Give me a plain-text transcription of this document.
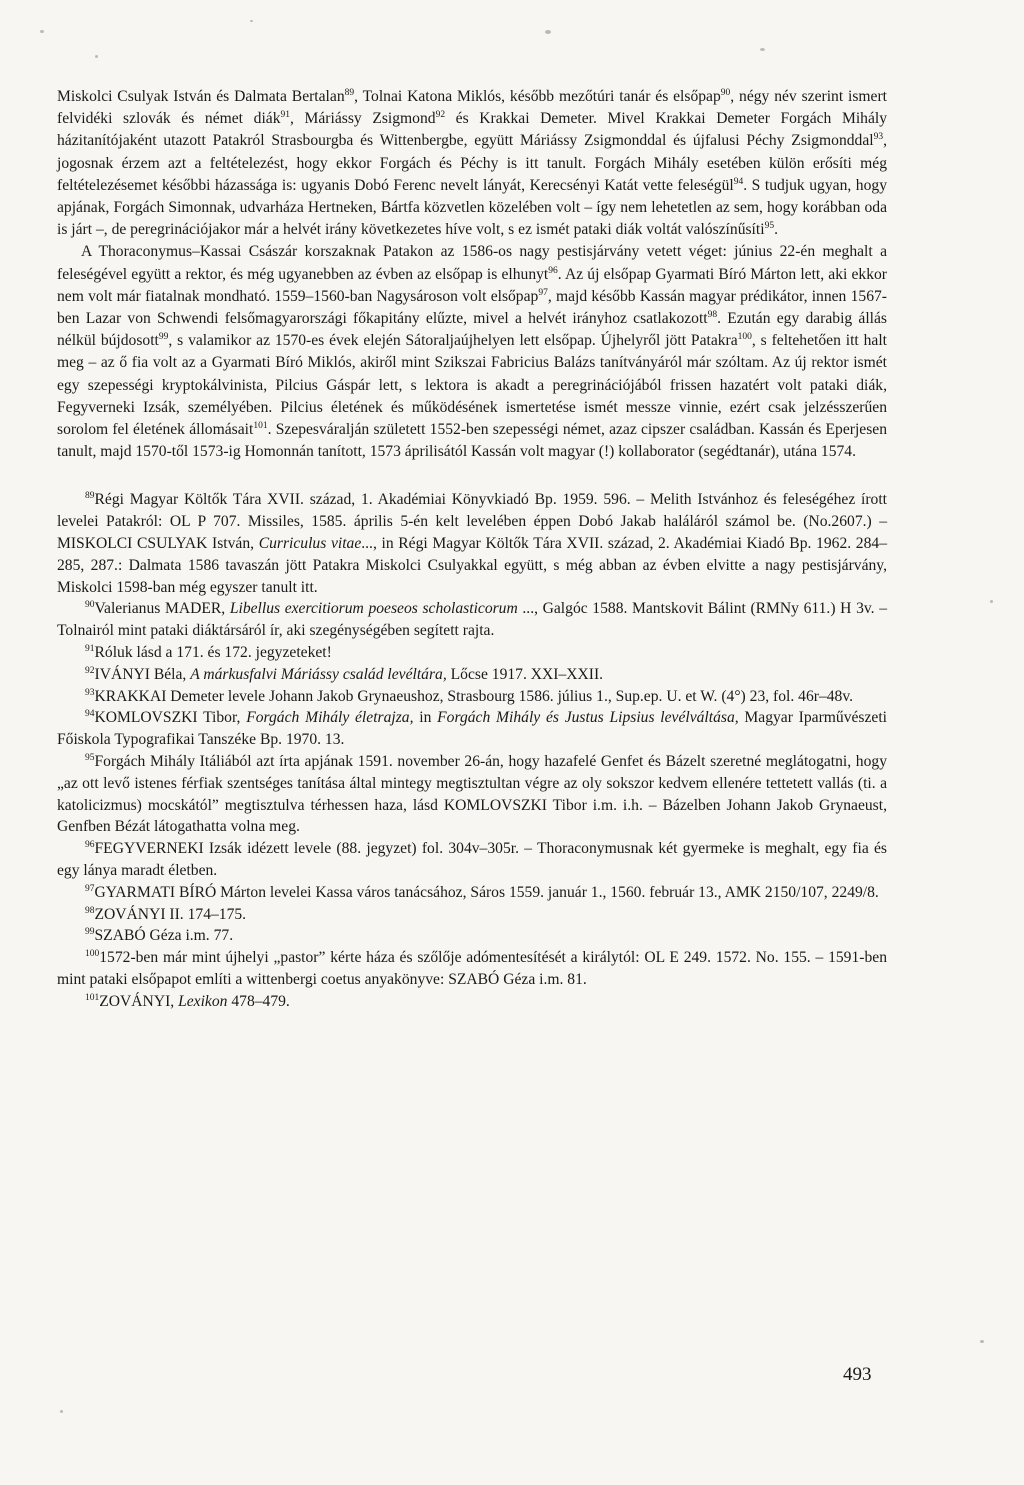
Miskolci Csulyak István és Dalmata Bertalan$^{89}$, Tolnai Katona Miklós, később mezőtúri tanár és elsőpap$^{90}$, négy név szerint ismert felvidéki szlovák és német diák$^{91}$, Máriássy Zsigmond$^{92}$ és Krakkai Demeter. Mivel Krakkai Demeter Forgách Mihály házitanítójaként utazott Patakról Strasbourgba és Wittenbergbe, együtt Máriássy Zsigmonddal és újfalusi Péchy Zsigmonddal$^{93}$, jogosnak érzem azt a feltételezést, hogy ekkor Forgách és Péchy is itt tanult. Forgách Mihály esetében külön erősíti még feltételezésemet későbbi házassága is: ugyanis Dobó Ferenc nevelt lányát, Kerecsényi Katát vette feleségül$^{94}$. S tudjuk ugyan, hogy apjának, Forgách Simonnak, udvarháza Hertneken, Bártfa közvetlen közelében volt – így nem lehetetlen az sem, hogy korábban oda is járt –, de peregrinációjakor már a helvét irány következetes híve volt, s ez ismét pataki diák voltát valószínűsíti$^{95}$.

A Thoraconymus–Kassai Császár korszaknak Patakon az 1586-os nagy pestisjárvány vetett véget: június 22-én meghalt a feleségével együtt a rektor, és még ugyanebben az évben az elsőpap is elhunyt$^{96}$. Az új elsőpap Gyarmati Bíró Márton lett, aki ekkor nem volt már fiatalnak mondható. 1559–1560-ban Nagysároson volt elsőpap$^{97}$, majd később Kassán magyar prédikátor, innen 1567-ben Lazar von Schwendi felsőmagyarországi főkapitány elűzte, mivel a helvét irányhoz csatlakozott$^{98}$. Ezután egy darabig állás nélkül bújdosott$^{99}$, s valamikor az 1570-es évek elején Sátoraljaújhelyen lett elsőpap. Újhelyről jött Patakra$^{100}$, s feltehetően itt halt meg – az ő fia volt az a Gyarmati Bíró Miklós, akiről mint Szikszai Fabricius Balázs tanítványáról már szóltam. Az új rektor ismét egy szepességi kryptokálvinista, Pilcius Gáspár lett, s lektora is akadt a peregrinációjából frissen hazatért volt pataki diák, Fegyverneki Izsák, személyében. Pilcius életének és működésének ismertetése ismét messze vinnie, ezért csak jelzésszerűen sorolom fel életének állomásait$^{101}$. Szepesváralján született 1552-ben szepességi német, azaz cipszer családban. Kassán és Eperjesen tanult, majd 1570-től 1573-ig Homonnán tanított, 1573 áprilisától Kassán volt magyar (!) kollaborator (segédtanár), utána 1574.

$^{89}$Régi Magyar Költők Tára XVII. század, 1. Akadémiai Könyvkiadó Bp. 1959. 596. – Melith Istvánhoz és feleségéhez írott levelei Patakról: OL P 707. Missiles, 1585. április 5-én kelt levelében éppen Dobó Jakab haláláról számol be. (No.2607.) – MISKOLCI CSULYAK István, Curriculus vitae..., in Régi Magyar Költők Tára XVII. század, 2. Akadémiai Kiadó Bp. 1962. 284–285, 287.: Dalmata 1586 tavaszán jött Patakra Miskolci Csulyakkal együtt, s még abban az évben elvitte a nagy pestisjárvány, Miskolci 1598-ban még egyszer tanult itt.

$^{90}$Valerianus MADER, Libellus exercitiorum poeseos scholasticorum ..., Galgóc 1588. Mantskovit Bálint (RMNy 611.) H 3v. – Tolnairól mint pataki diáktársáról ír, aki szegénységében segített rajta.

$^{91}$Róluk lásd a 171. és 172. jegyzeteket!

$^{92}$IVÁNYI Béla, A márkusfalvi Máriássy család levéltára, Lőcse 1917. XXI–XXII.

$^{93}$KRAKKAI Demeter levele Johann Jakob Grynaeushoz, Strasbourg 1586. július 1., Sup.ep. U. et W. (4°) 23, fol. 46r–48v.

$^{94}$KOMLOVSZKI Tibor, Forgách Mihály életrajza, in Forgách Mihály és Justus Lipsius levélváltása, Magyar Iparművészeti Főiskola Typografikai Tanszéke Bp. 1970. 13.

$^{95}$Forgách Mihály Itáliából azt írta apjának 1591. november 26-án, hogy hazafelé Genfet és Bázelt szeretné meglátogatni, hogy „az ott levő istenes férfiak szentséges tanítása által mintegy megtisztultan végre az oly sokszor kedvem ellenére tettetett vallás (ti. a katolicizmus) mocskától” megtisztulva térhessen haza, lásd KOMLOVSZKI Tibor i.m. i.h. – Bázelben Johann Jakob Grynaeust, Genfben Bézát látogathatta volna meg.

$^{96}$FEGYVERNEKI Izsák idézett levele (88. jegyzet) fol. 304v–305r. – Thoraconymusnak két gyermeke is meghalt, egy fia és egy lánya maradt életben.

$^{97}$GYARMATI BÍRÓ Márton levelei Kassa város tanácsához, Sáros 1559. január 1., 1560. február 13., AMK 2150/107, 2249/8.

$^{98}$ZOVÁNYI II. 174–175.

$^{99}$SZABÓ Géza i.m. 77.

$^{100}$1572-ben már mint újhelyi „pastor” kérte háza és szőlője adómentesítését a királytól: OL E 249. 1572. No. 155. – 1591-ben mint pataki elsőpapot említi a wittenbergi coetus anyakönyve: SZABÓ Géza i.m. 81.

$^{101}$ZOVÁNYI, Lexikon 478–479.

493
